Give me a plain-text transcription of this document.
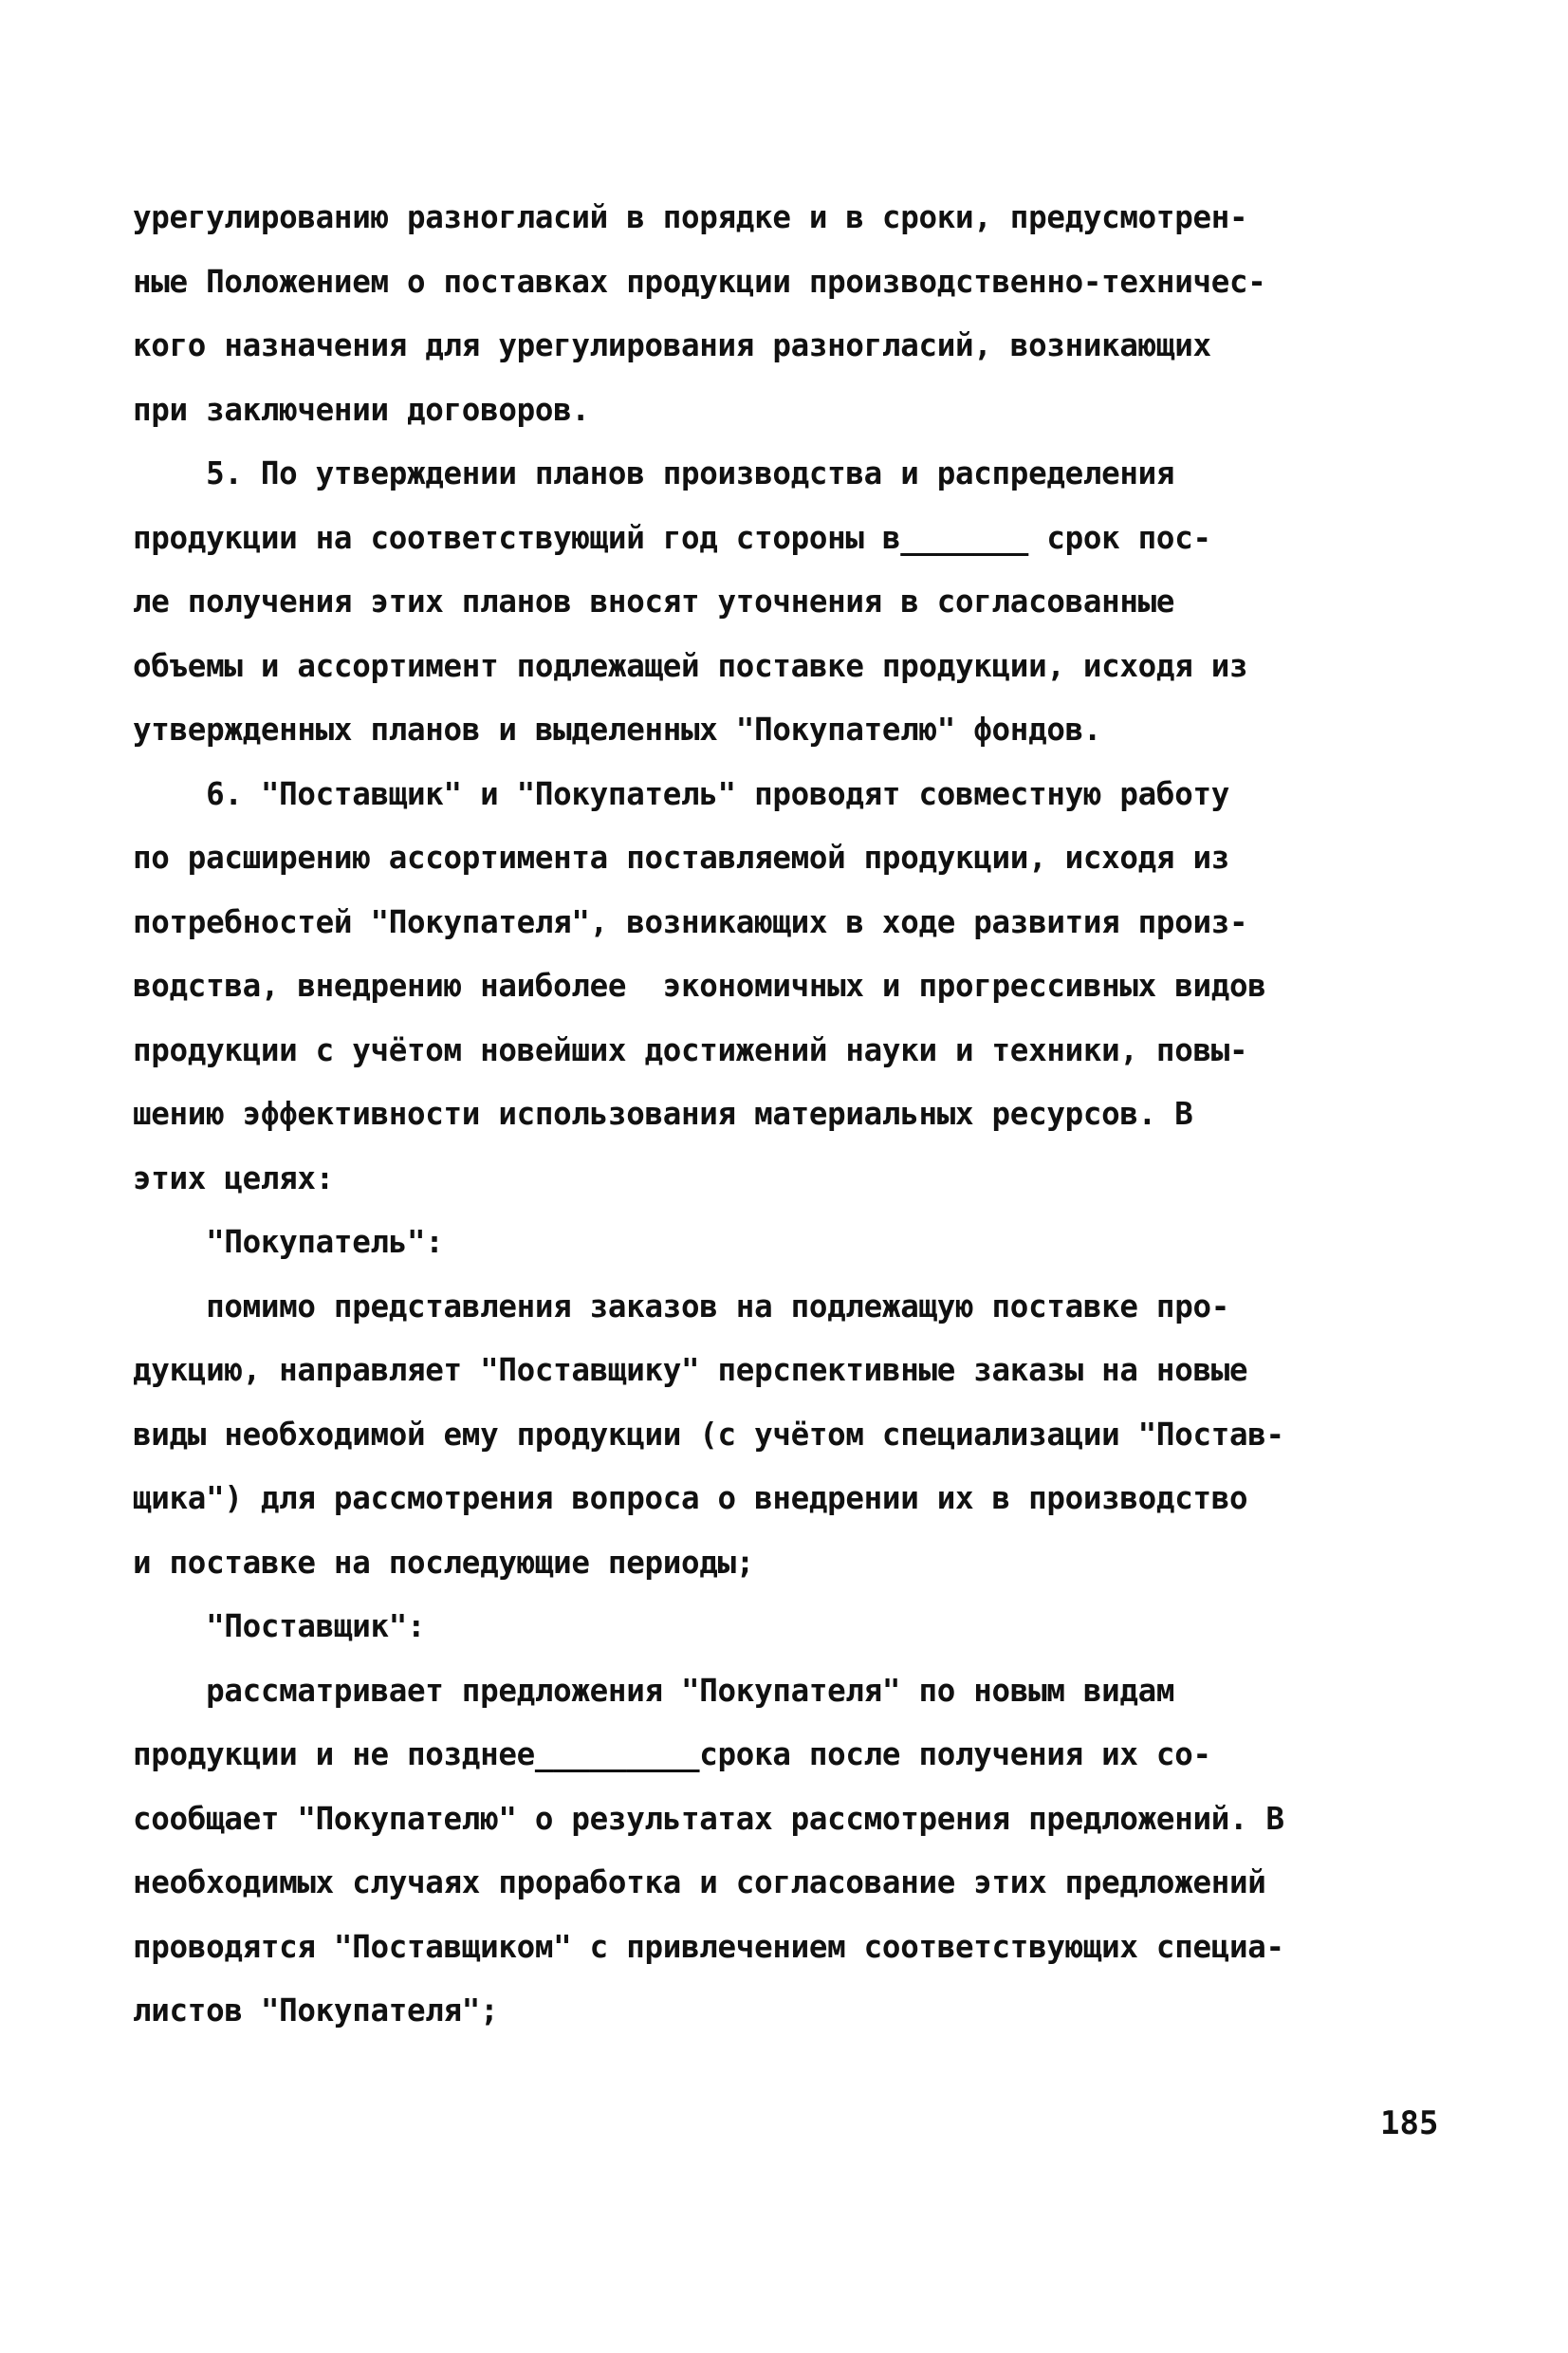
урегулированию разногласий в порядке и в сроки, предусмотрен-
ные Положением о поставках продукции производственно-техничес-
кого назначения для урегулирования разногласий, возникающих
при заключении договоров.
5. По утверждении планов производства и распределения
продукции на соответствующий год стороны в_______ срок пос-
ле получения этих планов вносят уточнения в согласованные
объемы и ассортимент подлежащей поставке продукции, исходя из
утвержденных планов и выделенных "Покупателю" фондов.
6. "Поставщик" и "Покупатель" проводят совместную работу
по расширению ассортимента поставляемой продукции, исходя из
потребностей "Покупателя", возникающих в ходе развития произ-
водства, внедрению наиболее  экономичных и прогрессивных видов
продукции с учётом новейших достижений науки и техники, повы-
шению эффективности использования материальных ресурсов. В
этих целях:
"Покупатель":
помимо представления заказов на подлежащую поставке про-
дукцию, направляет "Поставщику" перспективные заказы на новые
виды необходимой ему продукции (с учётом специализации "Постав-
щика") для рассмотрения вопроса о внедрении их в производство
и поставке на последующие периоды;
"Поставщик":
рассматривает предложения "Покупателя" по новым видам
продукции и не позднее_________срока после получения их со-
сообщает "Покупателю" о результатах рассмотрения предложений. В
необходимых случаях проработка и согласование этих предложений
проводятся "Поставщиком" с привлечением соответствующих специа-
листов "Покупателя";
185
